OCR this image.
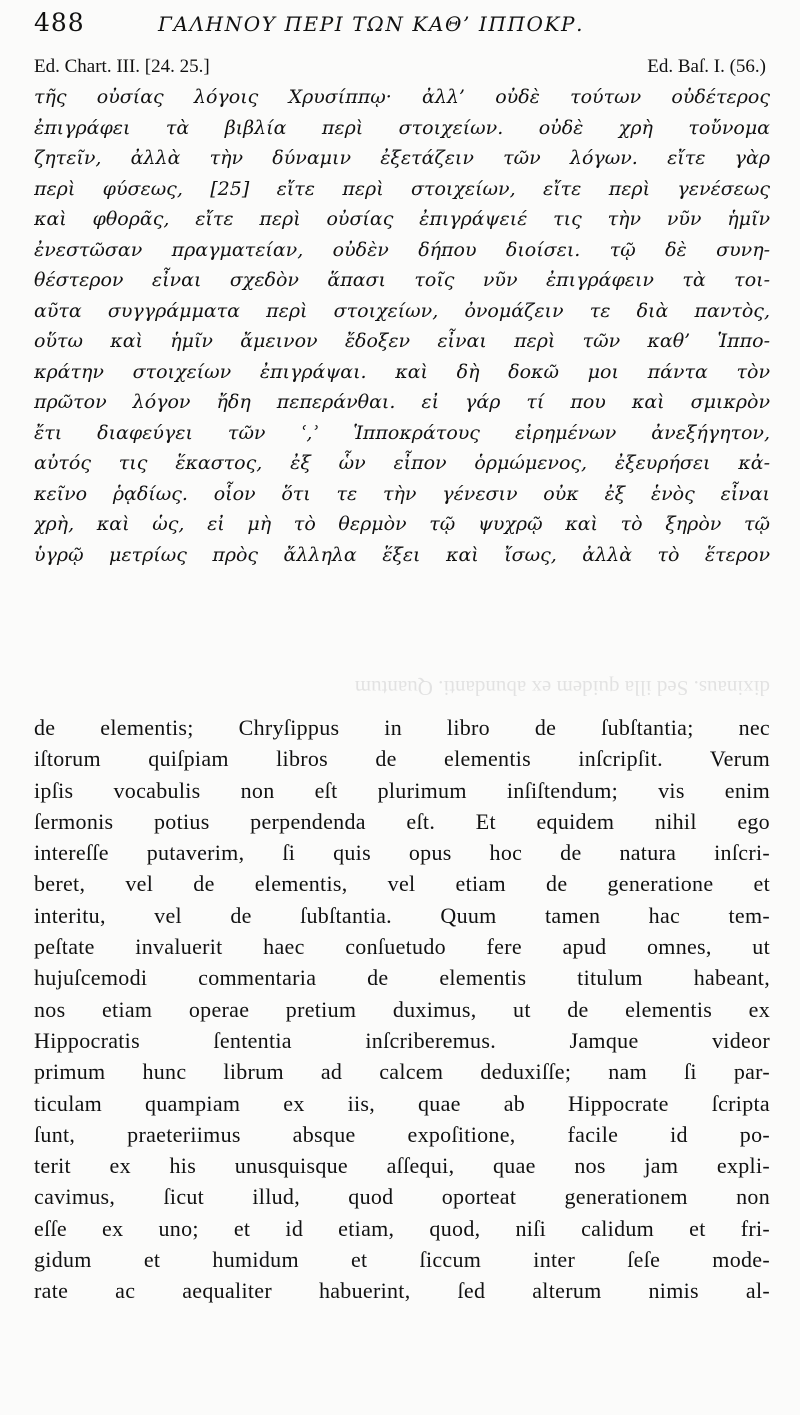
488	ΓΑΛΗΝΟΥ ΠΕΡΙ ΤΩΝ ΚΑΘ’ ΙΠΠΟΚΡ.
Ed. Chart. III. [24. 25.]	Ed. Baſ. I. (56.)
τῆς οὐσίας λόγοις Χρυσίππῳ· ἀλλ’ οὐδὲ τούτων οὐδέτερος
ἐπιγράφει τὰ βιβλία περὶ στοιχείων. οὐδὲ χρὴ τοὔνομα
ζητεῖν, ἀλλὰ τὴν δύναμιν ἐξετάζειν τῶν λόγων. εἴτε γὰρ
περὶ φύσεως, [25] εἴτε περὶ στοιχείων, εἴτε περὶ γενέσεως
καὶ φθορᾶς, εἴτε περὶ οὐσίας ἐπιγράψειέ τις τὴν νῦν ἡμῖν
ἐνεστῶσαν πραγματείαν, οὐδὲν δήπου διοίσει. τῷ δὲ συνη-
θέστερον εἶναι σχεδὸν ἅπασι τοῖς νῦν ἐπιγράφειν τὰ τοι-
αῦτα συγγράμματα περὶ στοιχείων, ὀνομάζειν τε διὰ παντὸς,
οὕτω καὶ ἡμῖν ἄμεινον ἔδοξεν εἶναι περὶ τῶν καθ’ Ἱππο-
κράτην στοιχείων ἐπιγράψαι. καὶ δὴ δοκῶ μοι πάντα τὸν
πρῶτον λόγον ἤδη πεπεράνθαι. εἰ γάρ τί που καὶ σμικρὸν
ἔτι διαφεύγει τῶν ʿ,ʾ Ἱπποκράτους εἰρημένων ἀνεξήγητον,
αὐτός τις ἕκαστος, ἐξ ὧν εἶπον ὁρμώμενος, ἐξευρήσει κἀ-
κεῖνο ῥᾳδίως. οἷον ὅτι τε τὴν γένεσιν οὐκ ἐξ ἑνὸς εἶναι
χρὴ, καὶ ὡς, εἰ μὴ τὸ θερμὸν τῷ ψυχρῷ καὶ τὸ ξηρὸν τῷ
ὑγρῷ μετρίως πρὸς ἄλληλα ἕξει καὶ ἴσως, ἀλλὰ τὸ ἕτερον
dixinaus. Sed illa quidem ex abundanti. Quantum
de elementis; Chryſippus in libro de ſubſtantia; nec
iſtorum quiſpiam libros de elementis inſcripſit. Verum
ipſis vocabulis non eſt plurimum inſiſtendum; vis enim
ſermonis potius perpendenda eſt. Et equidem nihil ego
intereſſe putaverim, ſi quis opus hoc de natura inſcri-
beret, vel de elementis, vel etiam de generatione et
interitu, vel de ſubſtantia. Quum tamen hac tem-
peſtate invaluerit haec conſuetudo fere apud omnes, ut
hujuſcemodi commentaria de elementis titulum habeant,
nos etiam operae pretium duximus, ut de elementis ex
Hippocratis ſententia inſcriberemus. Jamque videor
primum hunc librum ad calcem deduxiſſe; nam ſi par-
ticulam quampiam ex iis, quae ab Hippocrate ſcripta
ſunt, praeteriimus absque expoſitione, facile id po-
terit ex his unusquisque aſſequi, quae nos jam expli-
cavimus, ſicut illud, quod oporteat generationem non
eſſe ex uno; et id etiam, quod, niſi calidum et fri-
gidum et humidum et ſiccum inter ſeſe mode-
rate ac aequaliter habuerint, ſed alterum nimis al-
